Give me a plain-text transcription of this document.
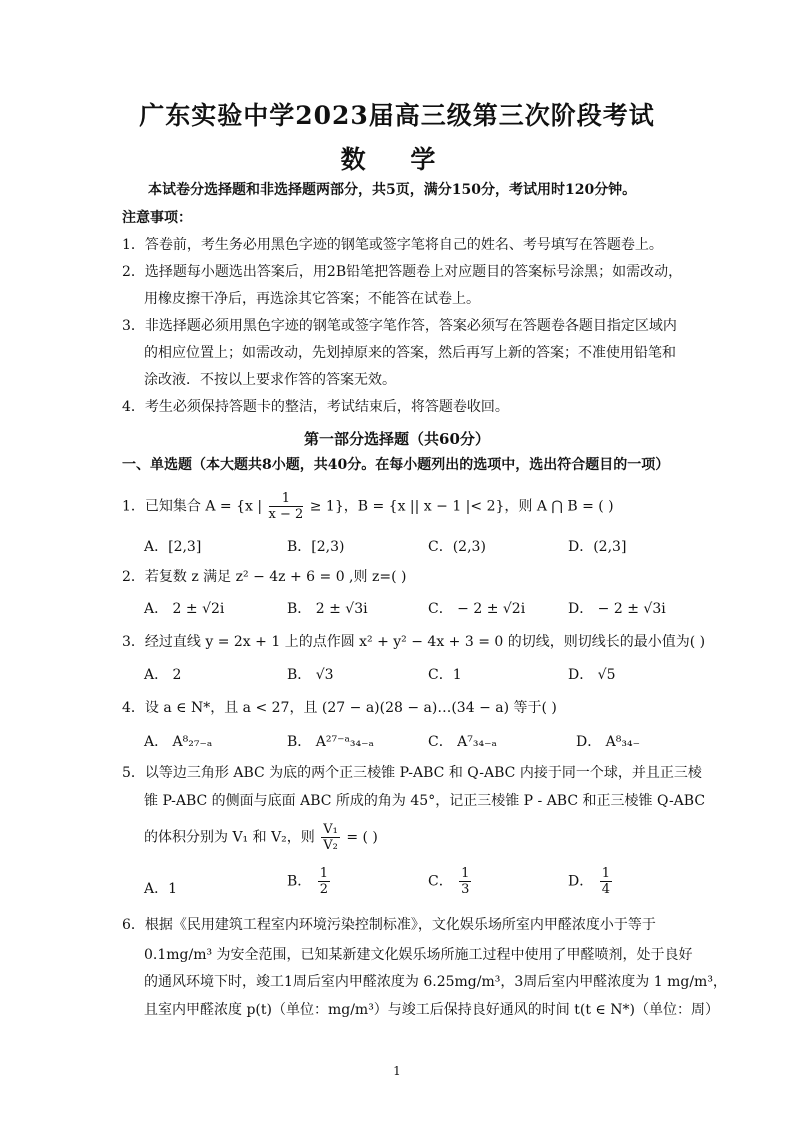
广东实验中学2023届高三级第三次阶段考试
数 学
本试卷分选择题和非选择题两部分，共5页，满分150分，考试用时120分钟。
注意事项：
1．答卷前，考生务必用黑色字迹的钢笔或签字笔将自己的姓名、考号填写在答题卷上。
2．选择题每小题选出答案后，用2B铅笔把答题卷上对应题目的答案标号涂黑；如需改动，
用橡皮擦干净后，再选涂其它答案；不能答在试卷上。
3．非选择题必须用黑色字迹的钢笔或签字笔作答，答案必须写在答题卷各题目指定区域内
的相应位置上；如需改动，先划掉原来的答案，然后再写上新的答案；不准使用铅笔和
涂改液．不按以上要求作答的答案无效。
4．考生必须保持答题卡的整洁，考试结束后，将答题卷收回。
第一部分选择题（共60分）
一、单选题（本大题共8小题，共40分。在每小题列出的选项中，选出符合题目的一项）
1．已知集合 A = {x | $\frac{1}{x - 2} \ge 1$}，B = {x || x − 1 |< 2}，则 A ⋂ B = ( )
A．[2,3]	B．[2,3)	C．(2,3)	D．(2,3]
2．若复数 z 满足 z² − 4z + 6 = 0 ,则 z=( )
A． 2 ± √2i	B． 2 ± √3i	C． − 2 ± √2i	D． − 2 ± √3i
3．经过直线 y = 2x + 1 上的点作圆 x² + y² − 4x + 3 = 0 的切线，则切线长的最小值为( )
A． 2	B． √3	C．1	D． √5
4．设 a ∈ N*，且 a < 27，且 (27 − a)(28 − a)…(34 − a) 等于( )
A． A⁸₂₇₋ₐ	B． A²⁷⁻ᵃ₃₄₋ₐ	C． A⁷₃₄₋ₐ	D． A⁸₃₄₋
5．以等边三角形 ABC 为底的两个正三棱锥 P-ABC 和 Q-ABC 内接于同一个球，并且正三棱
锥 P-ABC 的侧面与底面 ABC 所成的角为 45°，记正三棱锥 P - ABC 和正三棱锥 Q-ABC
的体积分别为 V₁ 和 V₂，则 $\frac{\text{V₁}}{\text{V₂}}$ = ( )
A．1	B． $\frac{1}{2}$	C． $\frac{1}{3}$	D． $\frac{1}{4}$
6．根据《民用建筑工程室内环境污染控制标准》，文化娱乐场所室内甲醛浓度小于等于
0.1mg/m³ 为安全范围，已知某新建文化娱乐场所施工过程中使用了甲醛喷剂，处于良好
的通风环境下时，竣工1周后室内甲醛浓度为 6.25mg/m³，3周后室内甲醛浓度为 1 mg/m³，
且室内甲醛浓度 p(t)（单位：mg/m³）与竣工后保持良好通风的时间 t(t ∈ N*)（单位：周）
1
